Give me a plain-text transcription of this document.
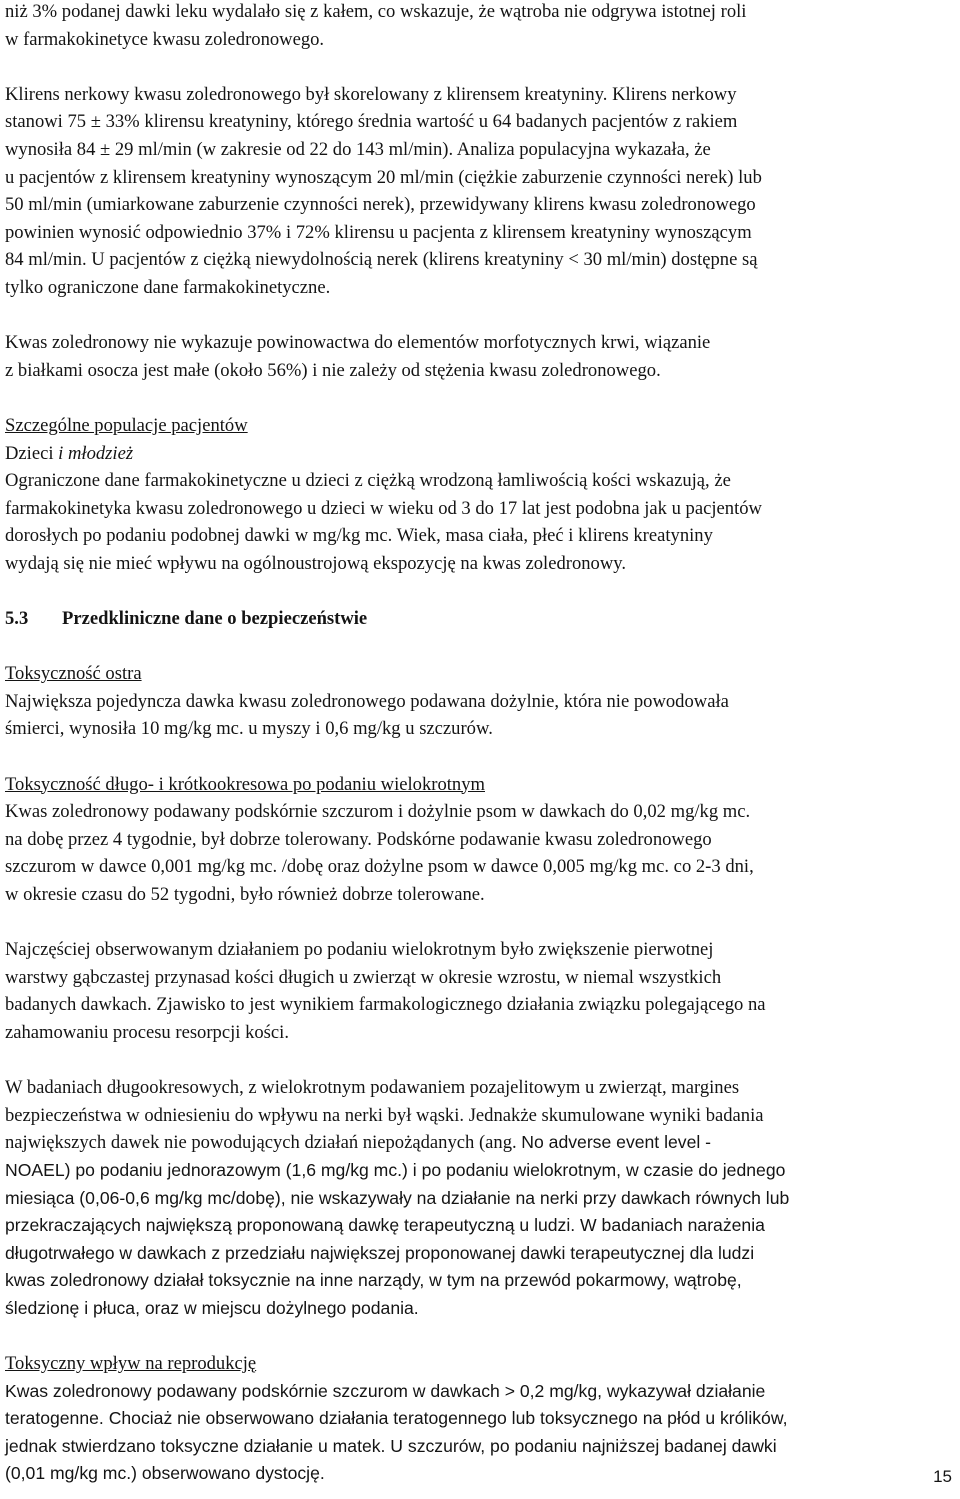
niż 3% podanej dawki leku wydalało się z kałem, co wskazuje, że wątroba nie odgrywa istotnej roli

w farmakokinetyce kwasu zoledronowego.

Klirens nerkowy kwasu zoledronowego był skorelowany z klirensem kreatyniny. Klirens nerkowy

stanowi 75 ± 33% klirensu kreatyniny, którego średnia wartość u 64 badanych pacjentów z rakiem

wynosiła 84 ± 29 ml/min (w zakresie od 22 do 143 ml/min). Analiza populacyjna wykazała, że

u pacjentów z klirensem kreatyniny wynoszącym 20 ml/min (ciężkie zaburzenie czynności nerek) lub

50 ml/min (umiarkowane zaburzenie czynności nerek), przewidywany klirens kwasu zoledronowego

powinien wynosić odpowiednio 37% i 72% klirensu u pacjenta z klirensem kreatyniny wynoszącym

84 ml/min. U pacjentów z ciężką niewydolnością nerek (klirens kreatyniny < 30 ml/min) dostępne są

tylko ograniczone dane farmakokinetyczne.

Kwas zoledronowy nie wykazuje powinowactwa do elementów morfotycznych krwi, wiązanie

z białkami osocza jest małe (około 56%) i nie zależy od stężenia kwasu zoledronowego.

Szczególne populacje pacjentów

Dzieci i młodzież

Ograniczone dane farmakokinetyczne u dzieci z ciężką wrodzoną łamliwością kości wskazują, że

farmakokinetyka kwasu zoledronowego u dzieci w wieku od 3 do 17 lat jest podobna jak u pacjentów

dorosłych po podaniu podobnej dawki w mg/kg mc. Wiek, masa ciała, płeć i klirens kreatyniny

wydają się nie mieć wpływu na ogólnoustrojową ekspozycję na kwas zoledronowy.

5.3 Przedkliniczne dane o bezpieczeństwie

Toksyczność ostra

Największa pojedyncza dawka kwasu zoledronowego podawana dożylnie, która nie powodowała

śmierci, wynosiła 10 mg/kg mc. u myszy i 0,6 mg/kg u szczurów.

Toksyczność długo- i krótkookresowa po podaniu wielokrotnym

Kwas zoledronowy podawany podskórnie szczurom i dożylnie psom w dawkach do 0,02 mg/kg mc.

na dobę przez 4 tygodnie, był dobrze tolerowany. Podskórne podawanie kwasu zoledronowego

szczurom w dawce 0,001 mg/kg mc. /dobę oraz dożylne psom w dawce 0,005 mg/kg mc. co 2-3 dni,

w okresie czasu do 52 tygodni, było również dobrze tolerowane.

Najczęściej obserwowanym działaniem po podaniu wielokrotnym było zwiększenie pierwotnej

warstwy gąbczastej przynasad kości długich u zwierząt w okresie wzrostu, w niemal wszystkich

badanych dawkach. Zjawisko to jest wynikiem farmakologicznego działania związku polegającego na

zahamowaniu procesu resorpcji kości.

W badaniach długookresowych, z wielokrotnym podawaniem pozajelitowym u zwierząt, margines

bezpieczeństwa w odniesieniu do wpływu na nerki był wąski. Jednakże skumulowane wyniki badania

największych dawek nie powodujących działań niepożądanych (ang. No adverse event level -

NOAEL) po podaniu jednorazowym (1,6 mg/kg mc.) i po podaniu wielokrotnym, w czasie do jednego

miesiąca (0,06-0,6 mg/kg mc/dobę), nie wskazywały na działanie na nerki przy dawkach równych lub

przekraczających największą proponowaną dawkę terapeutyczną u ludzi. W badaniach narażenia

długotrwałego w dawkach z przedziału największej proponowanej dawki terapeutycznej dla ludzi

kwas zoledronowy działał toksycznie na inne narządy, w tym na przewód pokarmowy, wątrobę,

śledzionę i płuca, oraz w miejscu dożylnego podania.

Toksyczny wpływ na reprodukcję

Kwas zoledronowy podawany podskórnie szczurom w dawkach > 0,2 mg/kg, wykazywał działanie

teratogenne. Chociaż nie obserwowano działania teratogennego lub toksycznego na płód u królików,

jednak stwierdzano toksyczne działanie u matek. U szczurów, po podaniu najniższej badanej dawki

(0,01 mg/kg mc.) obserwowano dystocję.	15
